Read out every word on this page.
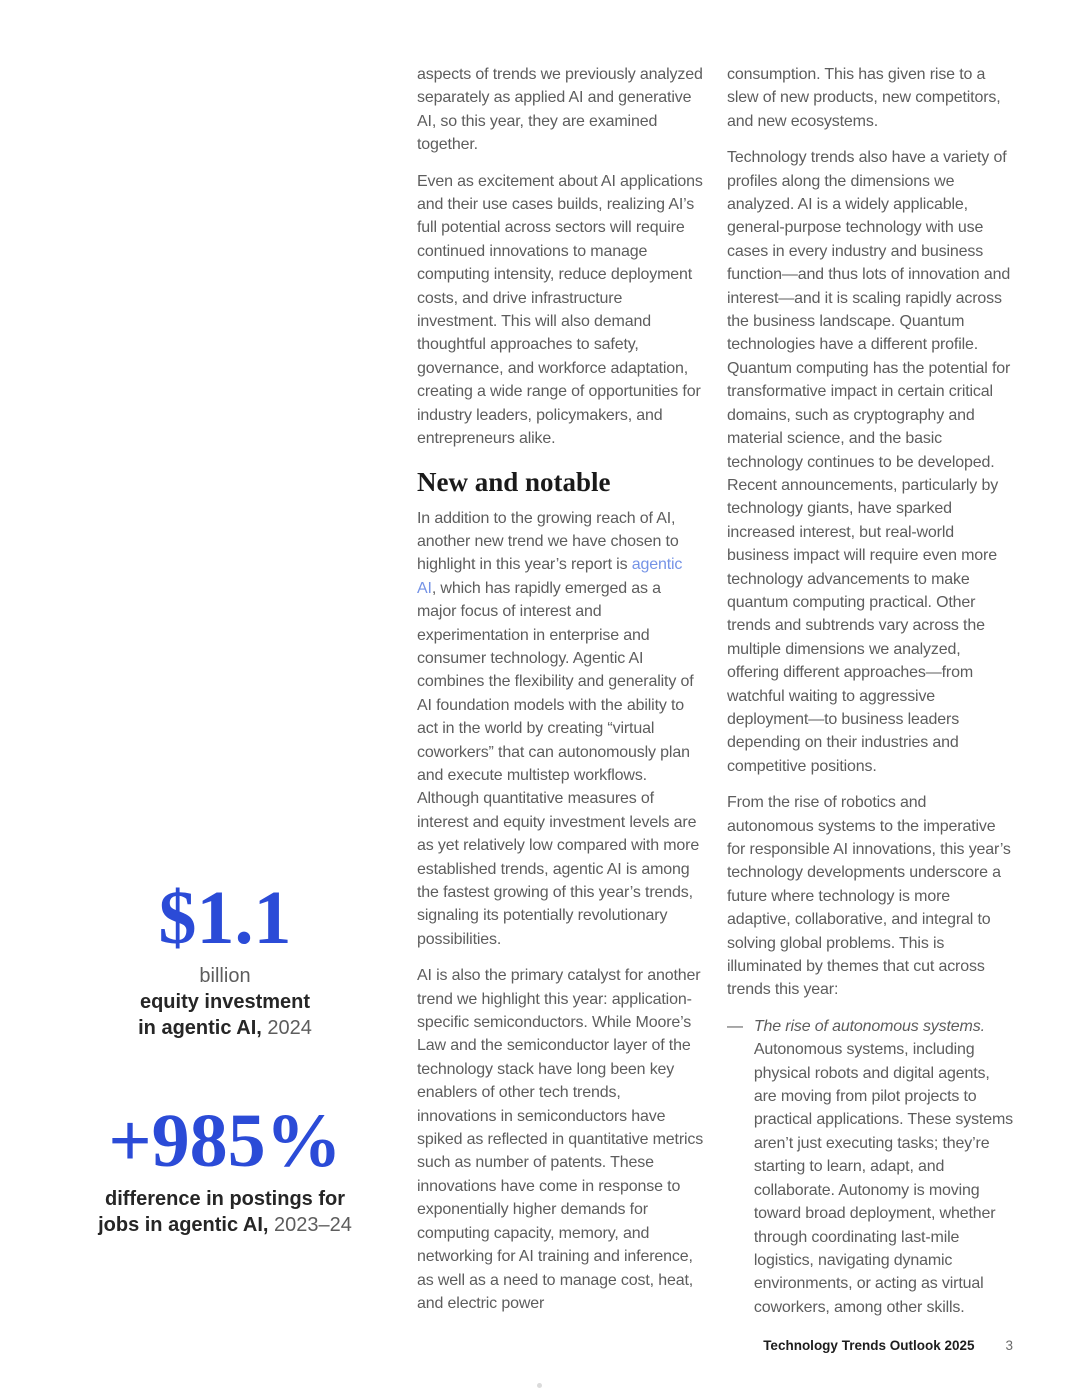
$1.1
billion
equity investment
in agentic AI, 2024
+985%
difference in postings for
jobs in agentic AI, 2023–24

aspects of trends we previously analyzed separately as applied AI and generative AI, so this year, they are examined together.

Even as excitement about AI applications and their use cases builds, realizing AI’s full potential across sectors will require continued innovations to manage computing intensity, reduce deployment costs, and drive infrastructure investment. This will also demand thoughtful approaches to safety, governance, and workforce adaptation, creating a wide range of opportunities for industry leaders, policymakers, and entrepreneurs alike.

New and notable

In addition to the growing reach of AI, another new trend we have chosen to highlight in this year’s report is agentic AI, which has rapidly emerged as a major focus of interest and experimentation in enterprise and consumer technology. Agentic AI combines the flexibility and generality of AI foundation models with the ability to act in the world by creating “virtual coworkers” that can autonomously plan and execute multistep workflows. Although quantitative measures of interest and equity investment levels are as yet relatively low compared with more established trends, agentic AI is among the fastest growing of this year’s trends, signaling its potentially revolutionary possibilities.

AI is also the primary catalyst for another trend we highlight this year: application-specific semiconductors. While Moore’s Law and the semiconductor layer of the technology stack have long been key enablers of other tech trends, innovations in semiconductors have spiked as reflected in quantitative metrics such as number of patents. These innovations have come in response to exponentially higher demands for computing capacity, memory, and networking for AI training and inference, as well as a need to manage cost, heat, and electric power

consumption. This has given rise to a slew of new products, new competitors, and new ecosystems.

Technology trends also have a variety of profiles along the dimensions we analyzed. AI is a widely applicable, general-purpose technology with use cases in every industry and business function—and thus lots of innovation and interest—and it is scaling rapidly across the business landscape. Quantum technologies have a different profile. Quantum computing has the potential for transformative impact in certain critical domains, such as cryptography and material science, and the basic technology continues to be developed. Recent announcements, particularly by technology giants, have sparked increased interest, but real-world business impact will require even more technology advancements to make quantum computing practical. Other trends and subtrends vary across the multiple dimensions we analyzed, offering different approaches—from watchful waiting to aggressive deployment—to business leaders depending on their industries and competitive positions.

From the rise of robotics and autonomous systems to the imperative for responsible AI innovations, this year’s technology developments underscore a future where technology is more adaptive, collaborative, and integral to solving global problems. This is illuminated by themes that cut across trends this year:

— The rise of autonomous systems. Autonomous systems, including physical robots and digital agents, are moving from pilot projects to practical applications. These systems aren’t just executing tasks; they’re starting to learn, adapt, and collaborate. Autonomy is moving toward broad deployment, whether through coordinating last-mile logistics, navigating dynamic environments, or acting as virtual coworkers, among other skills.
Technology Trends Outlook 2025 3
